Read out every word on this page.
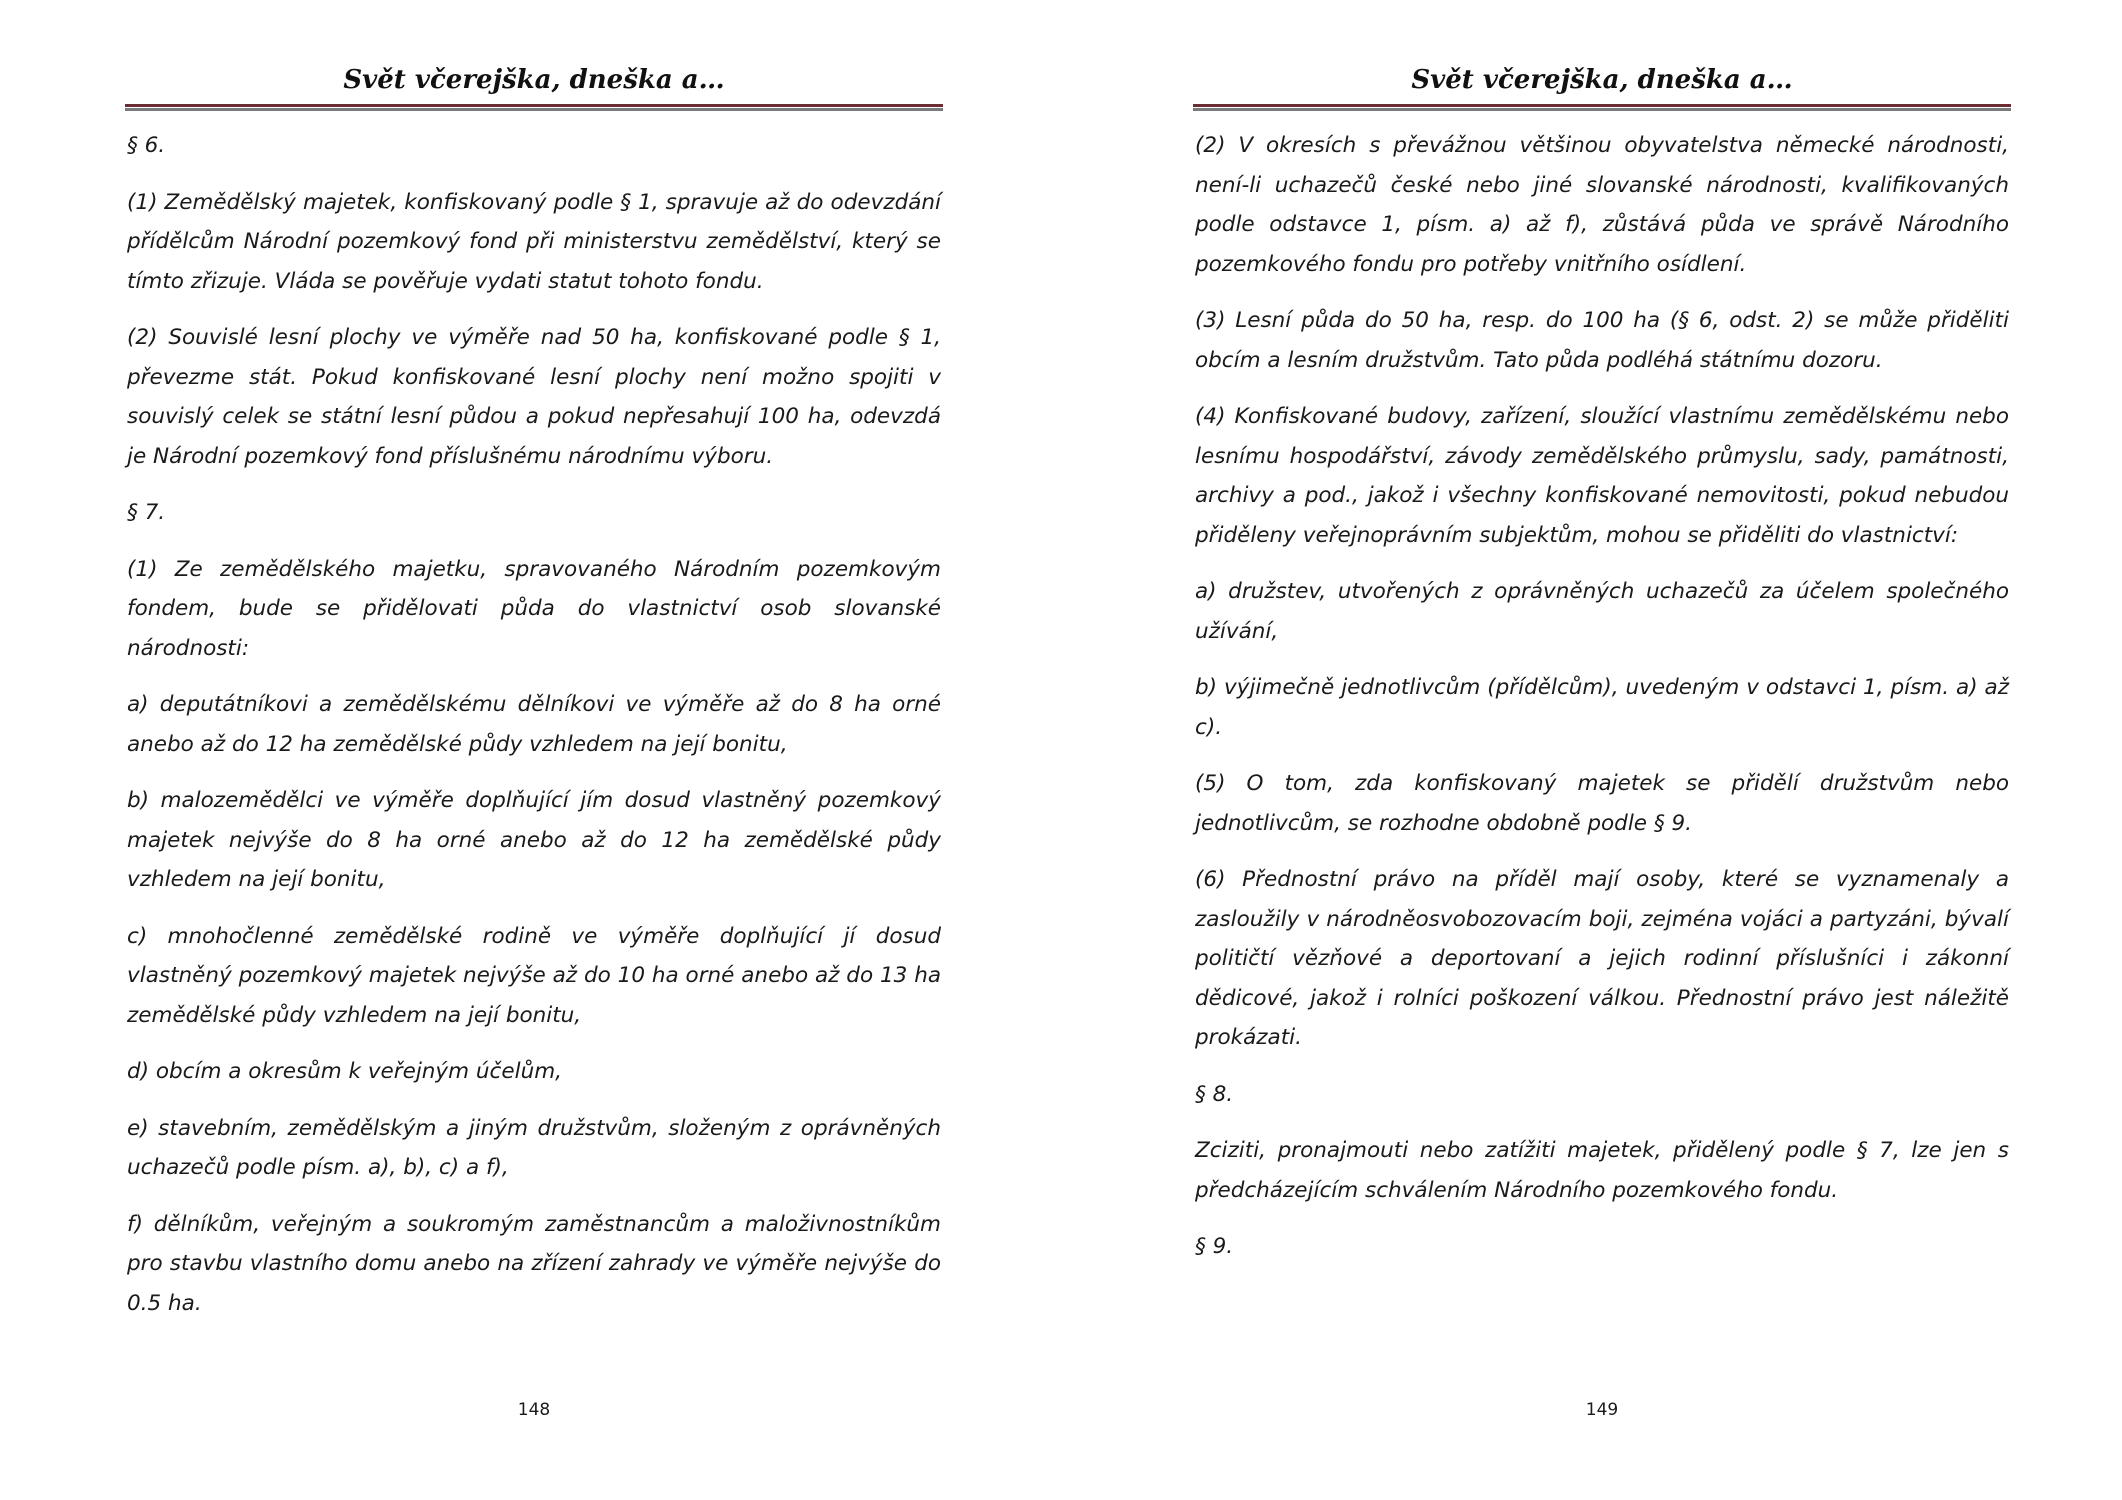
Svět včerejška, dneška a…

§ 6.

(1) Zemědělský majetek, konfiskovaný podle § 1, spravuje až do odevzdání přídělcům Národní pozemkový fond při ministerstvu zemědělství, který se tímto zřizuje. Vláda se pověřuje vydati statut tohoto fondu.

(2) Souvislé lesní plochy ve výměře nad 50 ha, konfiskované podle § 1, převezme stát. Pokud konfiskované lesní plochy není možno spojiti v souvislý celek se státní lesní půdou a pokud nepřesahují 100 ha, odevzdá je Národní pozemkový fond příslušnému národnímu výboru.

§ 7.

(1) Ze zemědělského majetku, spravovaného Národním pozemkovým fondem, bude se přidělovati půda do vlastnictví osob slovanské národnosti:

a) deputátníkovi a zemědělskému dělníkovi ve výměře až do 8 ha orné anebo až do 12 ha zemědělské půdy vzhledem na její bonitu,

b) malozemědělci ve výměře doplňující jím dosud vlastněný pozemkový majetek nejvýše do 8 ha orné anebo až do 12 ha zemědělské půdy vzhledem na její bonitu,

c) mnohočlenné zemědělské rodině ve výměře doplňující jí dosud vlastněný pozemkový majetek nejvýše až do 10 ha orné anebo až do 13 ha zemědělské půdy vzhledem na její bonitu,

d) obcím a okresům k veřejným účelům,

e) stavebním, zemědělským a jiným družstvům, složeným z oprávněných uchazečů podle písm. a), b), c) a f),

f) dělníkům, veřejným a soukromým zaměstnancům a maloživnostníkům pro stavbu vlastního domu anebo na zřízení zahrady ve výměře nejvýše do 0.5 ha.

148
Svět včerejška, dneška a…

(2) V okresích s převážnou většinou obyvatelstva německé národnosti, není-li uchazečů české nebo jiné slovanské národnosti, kvalifikovaných podle odstavce 1, písm. a) až f), zůstává půda ve správě Národního pozemkového fondu pro potřeby vnitřního osídlení.

(3) Lesní půda do 50 ha, resp. do 100 ha (§ 6, odst. 2) se může přiděliti obcím a lesním družstvům. Tato půda podléhá státnímu dozoru.

(4) Konfiskované budovy, zařízení, sloužící vlastnímu zemědělskému nebo lesnímu hospodářství, závody zemědělského průmyslu, sady, památnosti, archivy a pod., jakož i všechny konfiskované nemovitosti, pokud nebudou přiděleny veřejnoprávním subjektům, mohou se přiděliti do vlastnictví:

a) družstev, utvořených z oprávněných uchazečů za účelem společného užívání,

b) výjimečně jednotlivcům (přídělcům), uvedeným v odstavci 1, písm. a) až c).

(5) O tom, zda konfiskovaný majetek se přidělí družstvům nebo jednotlivcům, se rozhodne obdobně podle § 9.

(6) Přednostní právo na příděl mají osoby, které se vyznamenaly a zasloužily v národněosvobozovacím boji, zejména vojáci a partyzáni, bývalí političtí vězňové a deportovaní a jejich rodinní příslušníci i zákonní dědicové, jakož i rolníci poškození válkou. Přednostní právo jest náležitě prokázati.

§ 8.

Zciziti, pronajmouti nebo zatížiti majetek, přidělený podle § 7, lze jen s předcházejícím schválením Národního pozemkového fondu.

§ 9.

149
